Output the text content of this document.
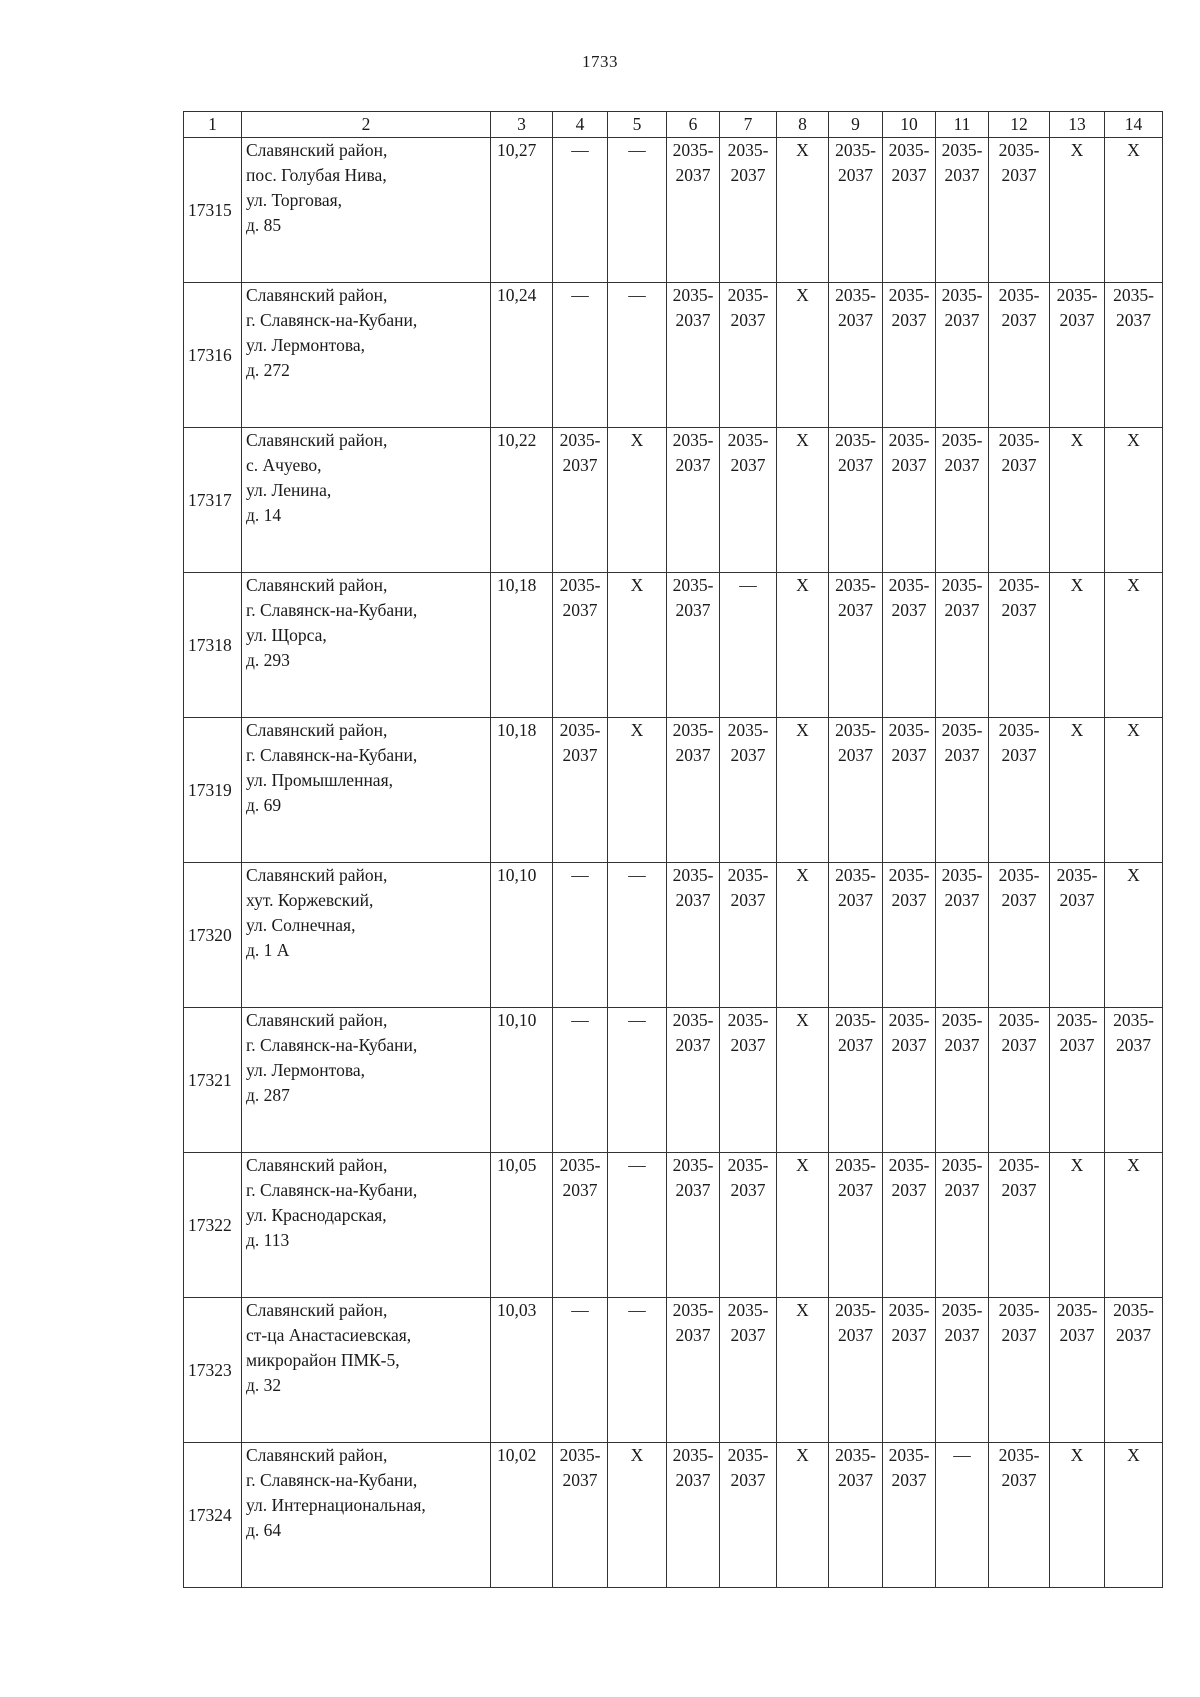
1733
1	2	3	4	5	6	7	8	9	10	11	12	13	14
17315	Славянский район,
пос. Голубая Нива,
ул. Торговая,
д. 85	10,27	—	—	2035-
2037	2035-
2037	X	2035-
2037	2035-
2037	2035-
2037	2035-
2037	X	X
17316	Славянский район,
г. Славянск-на-Кубани,
ул. Лермонтова,
д. 272	10,24	—	—	2035-
2037	2035-
2037	X	2035-
2037	2035-
2037	2035-
2037	2035-
2037	2035-
2037	2035-
2037
17317	Славянский район,
с. Ачуево,
ул. Ленина,
д. 14	10,22	2035-
2037	X	2035-
2037	2035-
2037	X	2035-
2037	2035-
2037	2035-
2037	2035-
2037	X	X
17318	Славянский район,
г. Славянск-на-Кубани,
ул. Щорса,
д. 293	10,18	2035-
2037	X	2035-
2037	—	X	2035-
2037	2035-
2037	2035-
2037	2035-
2037	X	X
17319	Славянский район,
г. Славянск-на-Кубани,
ул. Промышленная,
д. 69	10,18	2035-
2037	X	2035-
2037	2035-
2037	X	2035-
2037	2035-
2037	2035-
2037	2035-
2037	X	X
17320	Славянский район,
хут. Коржевский,
ул. Солнечная,
д. 1 А	10,10	—	—	2035-
2037	2035-
2037	X	2035-
2037	2035-
2037	2035-
2037	2035-
2037	2035-
2037	X
17321	Славянский район,
г. Славянск-на-Кубани,
ул. Лермонтова,
д. 287	10,10	—	—	2035-
2037	2035-
2037	X	2035-
2037	2035-
2037	2035-
2037	2035-
2037	2035-
2037	2035-
2037
17322	Славянский район,
г. Славянск-на-Кубани,
ул. Краснодарская,
д. 113	10,05	2035-
2037	—	2035-
2037	2035-
2037	X	2035-
2037	2035-
2037	2035-
2037	2035-
2037	X	X
17323	Славянский район,
ст-ца Анастасиевская,
микрорайон ПМК-5,
д. 32	10,03	—	—	2035-
2037	2035-
2037	X	2035-
2037	2035-
2037	2035-
2037	2035-
2037	2035-
2037	2035-
2037
17324	Славянский район,
г. Славянск-на-Кубани,
ул. Интернациональная,
д. 64	10,02	2035-
2037	X	2035-
2037	2035-
2037	X	2035-
2037	2035-
2037	—	2035-
2037	X	X
